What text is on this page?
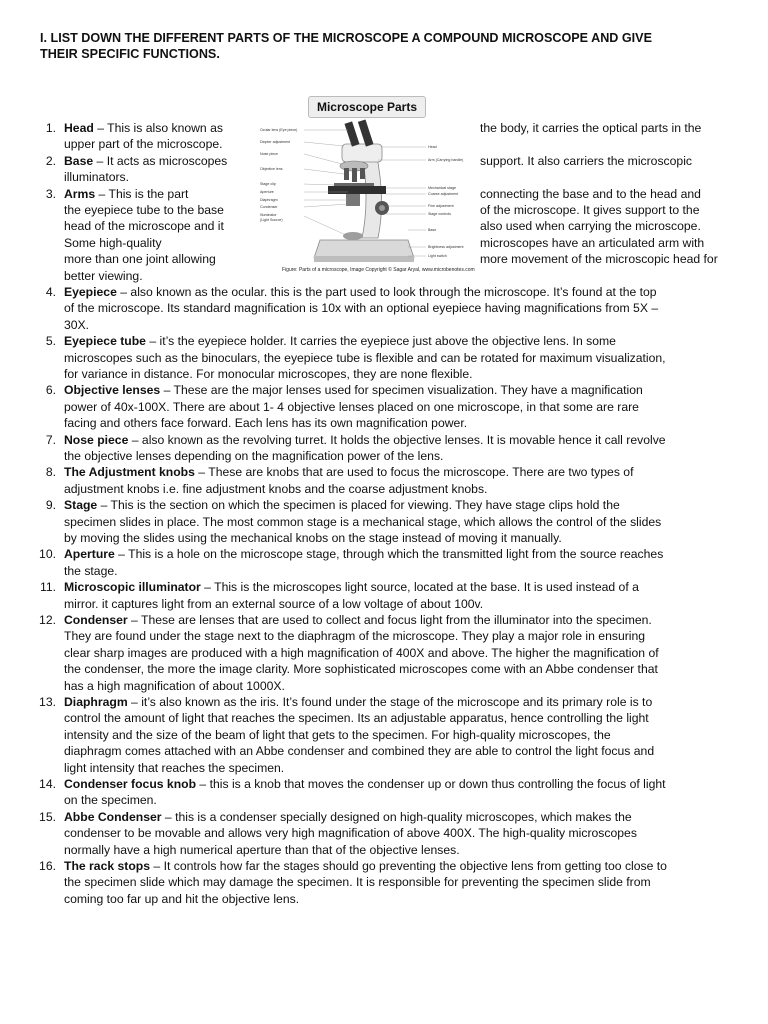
I. LIST DOWN THE DIFFERENT PARTS OF THE MICROSCOPE A COMPOUND MICROSCOPE AND GIVE
THEIR SPECIFIC FUNCTIONS.
Microscope Parts
Ocular lens (Eye piece)
Diopter adjustment
Nose piece
Objective lens
Stage clip
Aperture
Diaphragm
Condenser
Illuminator
(Light Source)
Head
Arm (Carrying handle)
Mechanical stage
Coarse adjustment
Fine adjustment
Stage controls
Base
Brightness adjustment
Light switch
Figure: Parts of a microscope, Image Copyright © Sagar Aryal, www.microbenotes.com
1. Head – This is also known as
upper part of the microscope.
the body, it carries the optical parts in the
2. Base – It acts as microscopes
illuminators.
support. It also carriers the microscopic
3. Arms – This is the part
the eyepiece tube to the base
head of the microscope and it
Some high-quality
more than one joint allowing
better viewing.
connecting the base and to the head and
of the microscope. It gives support to the
also used when carrying the microscope.
microscopes have an articulated arm with
more movement of the microscopic head for
4. Eyepiece – also known as the ocular. this is the part used to look through the microscope. It’s found at the top
of the microscope. Its standard magnification is 10x with an optional eyepiece having magnifications from 5X –
30X.
5. Eyepiece tube – it’s the eyepiece holder. It carries the eyepiece just above the objective lens. In some
microscopes such as the binoculars, the eyepiece tube is flexible and can be rotated for maximum visualization,
for variance in distance. For monocular microscopes, they are none flexible.
6. Objective lenses – These are the major lenses used for specimen visualization. They have a magnification
power of 40x-100X. There are about 1- 4 objective lenses placed on one microscope, in that some are rare
facing and others face forward. Each lens has its own magnification power.
7. Nose piece – also known as the revolving turret. It holds the objective lenses. It is movable hence it call revolve
the objective lenses depending on the magnification power of the lens.
8. The Adjustment knobs – These are knobs that are used to focus the microscope. There are two types of
adjustment knobs i.e. fine adjustment knobs and the coarse adjustment knobs.
9. Stage – This is the section on which the specimen is placed for viewing. They have stage clips hold the
specimen slides in place. The most common stage is a mechanical stage, which allows the control of the slides
by moving the slides using the mechanical knobs on the stage instead of moving it manually.
10. Aperture – This is a hole on the microscope stage, through which the transmitted light from the source reaches
the stage.
11. Microscopic illuminator – This is the microscopes light source, located at the base. It is used instead of a
mirror. it captures light from an external source of a low voltage of about 100v.
12. Condenser – These are lenses that are used to collect and focus light from the illuminator into the specimen.
They are found under the stage next to the diaphragm of the microscope. They play a major role in ensuring
clear sharp images are produced with a high magnification of 400X and above. The higher the magnification of
the condenser, the more the image clarity. More sophisticated microscopes come with an Abbe condenser that
has a high magnification of about 1000X.
13. Diaphragm – it’s also known as the iris. It’s found under the stage of the microscope and its primary role is to
control the amount of light that reaches the specimen. Its an adjustable apparatus, hence controlling the light
intensity and the size of the beam of light that gets to the specimen. For high-quality microscopes, the
diaphragm comes attached with an Abbe condenser and combined they are able to control the light focus and
light intensity that reaches the specimen.
14. Condenser focus knob – this is a knob that moves the condenser up or down thus controlling the focus of light
on the specimen.
15. Abbe Condenser – this is a condenser specially designed on high-quality microscopes, which makes the
condenser to be movable and allows very high magnification of above 400X. The high-quality microscopes
normally have a high numerical aperture than that of the objective lenses.
16. The rack stops – It controls how far the stages should go preventing the objective lens from getting too close to
the specimen slide which may damage the specimen. It is responsible for preventing the specimen slide from
coming too far up and hit the objective lens.
